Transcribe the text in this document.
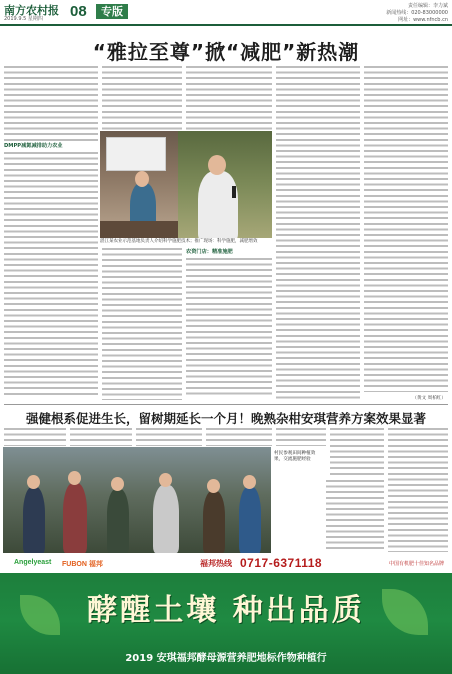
南方农村报
2019.9.5 星期四 08	专版	责任编辑：李力斌
新闻热线：020-83000000
网址：www.nfncb.cn
“雅拉至尊”掀“减肥”新热潮
DMPP减氮减排助力农业
湛江某农业示范基地负责人介绍科学施肥技术；推广现场：科学施肥，减肥增效
农资门店：精准施肥
（黄文 周柏红）
强健根系促进生长，留树期延长一个月！晚熟杂柑安琪营养方案效果显著
村民参观田间种植效果，交流施肥经验
Angelyeast FUBON 福邦	福邦热线 0717-6371118	中国有机肥十佳知名品牌
酵醒土壤 种出品质
2019 安琪福邦酵母源营养肥地标作物种植行
